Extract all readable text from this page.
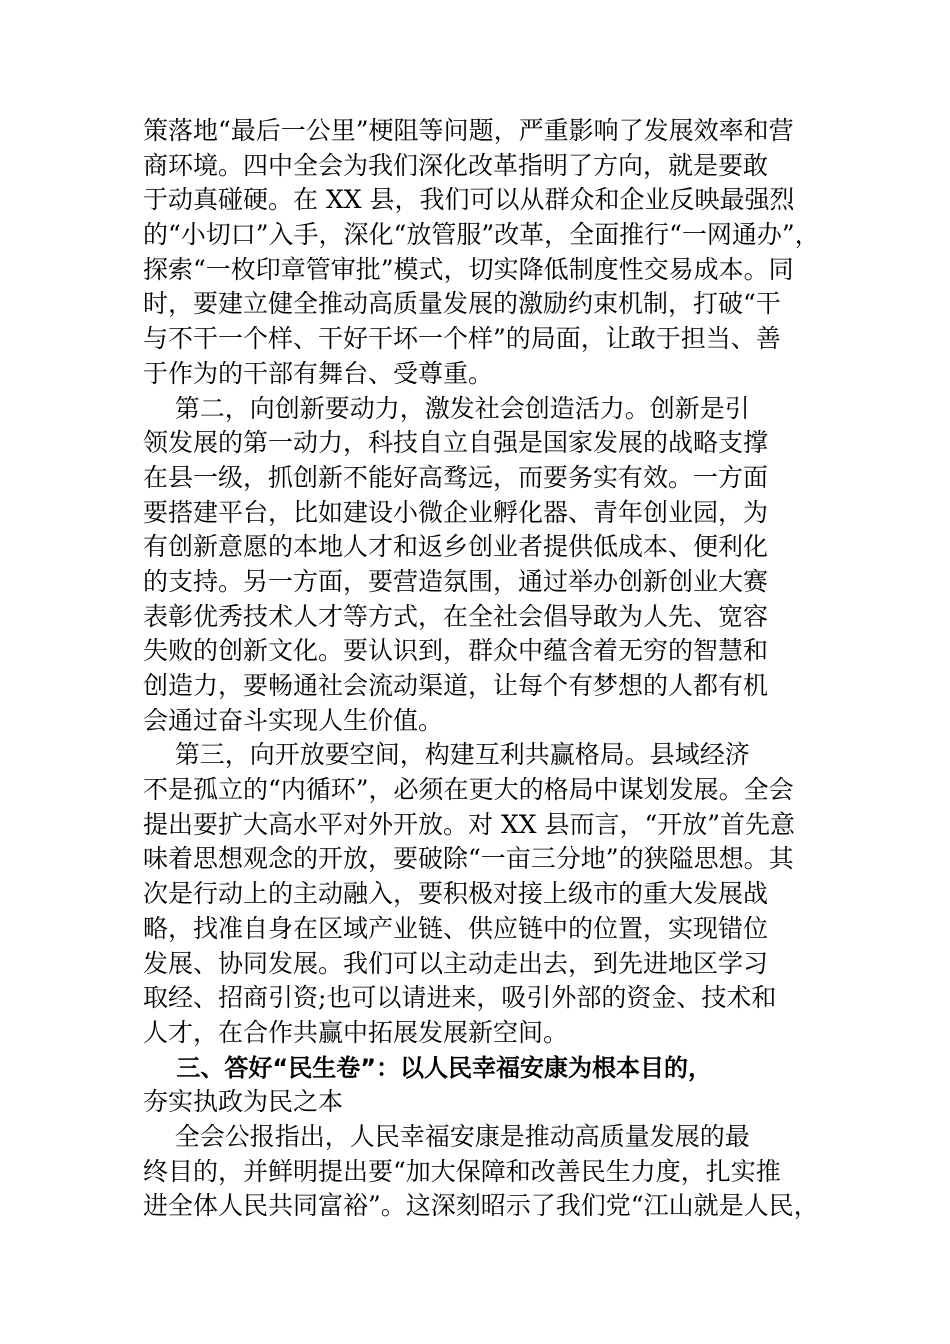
策落地“最后一公里”梗阻等问题，严重影响了发展效率和营
商环境。四中全会为我们深化改革指明了方向，就是要敢
于动真碰硬。在 XX 县，我们可以从群众和企业反映最强烈
的“小切口”入手，深化“放管服”改革，全面推行“一网通办”，
探索“一枚印章管审批”模式，切实降低制度性交易成本。同
时，要建立健全推动高质量发展的激励约束机制，打破“干
与不干一个样、干好干坏一个样”的局面，让敢于担当、善
于作为的干部有舞台、受尊重。
第二，向创新要动力，激发社会创造活力。创新是引
领发展的第一动力，科技自立自强是国家发展的战略支撑
在县一级，抓创新不能好高骛远，而要务实有效。一方面
要搭建平台，比如建设小微企业孵化器、青年创业园，为
有创新意愿的本地人才和返乡创业者提供低成本、便利化
的支持。另一方面，要营造氛围，通过举办创新创业大赛
表彰优秀技术人才等方式，在全社会倡导敢为人先、宽容
失败的创新文化。要认识到，群众中蕴含着无穷的智慧和
创造力，要畅通社会流动渠道，让每个有梦想的人都有机
会通过奋斗实现人生价值。
第三，向开放要空间，构建互利共赢格局。县域经济
不是孤立的“内循环”，必须在更大的格局中谋划发展。全会
提出要扩大高水平对外开放。对 XX 县而言，“开放”首先意
味着思想观念的开放，要破除“一亩三分地”的狭隘思想。其
次是行动上的主动融入，要积极对接上级市的重大发展战
略，找准自身在区域产业链、供应链中的位置，实现错位
发展、协同发展。我们可以主动走出去，到先进地区学习
取经、招商引资;也可以请进来，吸引外部的资金、技术和
人才，在合作共赢中拓展发展新空间。
三、答好“民生卷”：以人民幸福安康为根本目的，
夯实执政为民之本
全会公报指出，人民幸福安康是推动高质量发展的最
终目的，并鲜明提出要“加大保障和改善民生力度，扎实推
进全体人民共同富裕”。这深刻昭示了我们党“江山就是人民，
